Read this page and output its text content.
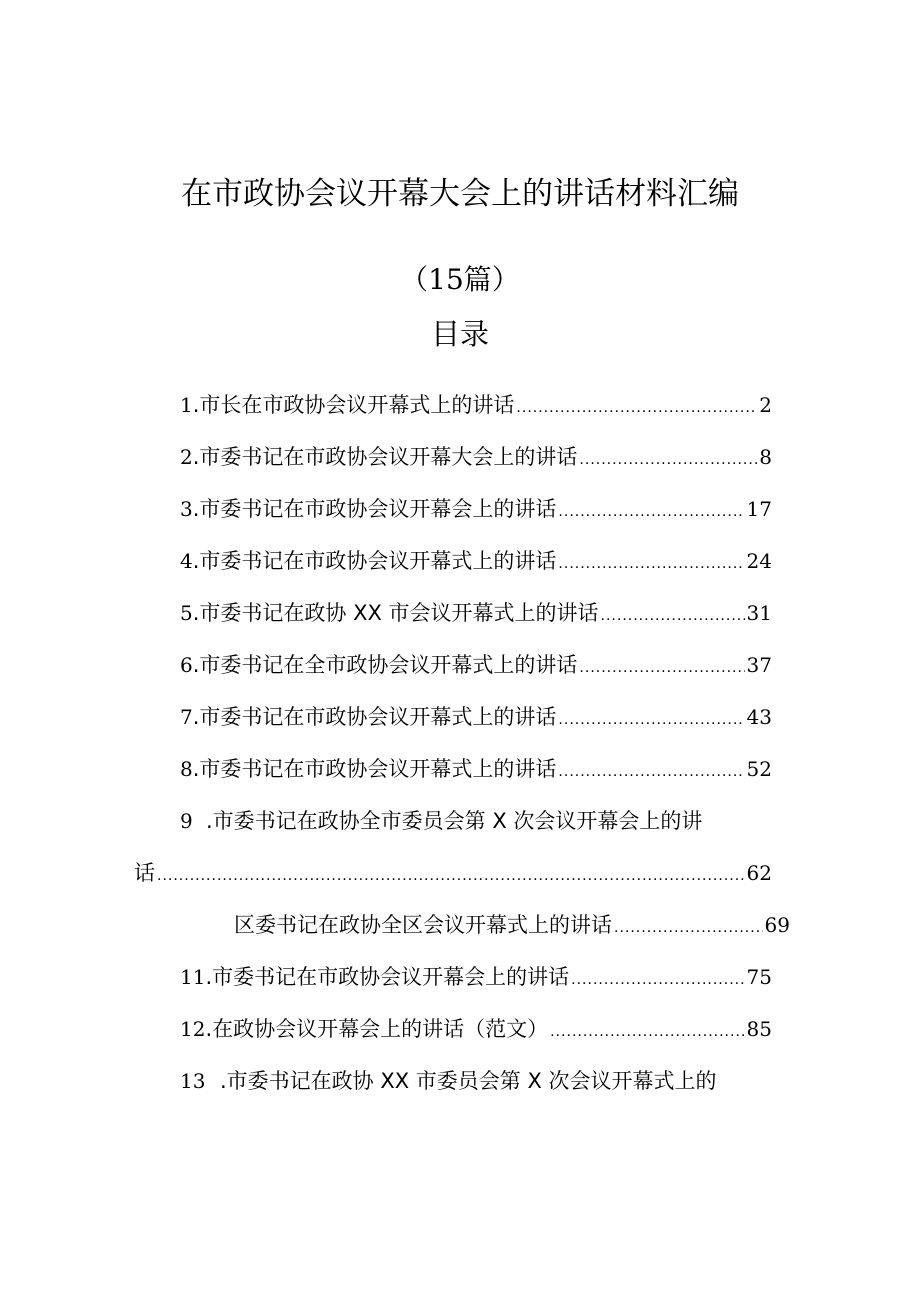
在市政协会议开幕大会上的讲话材料汇编
（15篇）
目录
1 .市长在市政协会议开幕式上的讲话 .....	2
2 .市委书记在市政协会议开幕大会上的讲话 .....	8
3 .市委书记在市政协会议开幕会上的讲话 .....	17
4 .市委书记在市政协会议开幕式上的讲话 .....	24
5 .市委书记在政协 XX 市会议开幕式上的讲话 .....	31
6 .市委书记在全市政协会议开幕式上的讲话 .....	37
7 .市委书记在市政协会议开幕式上的讲话 .....	43
8 .市委书记在市政协会议开幕式上的讲话 .....	52
9 .市委书记在政协全市委员会第 X 次会议开幕会上的讲
话 .....	62
区委书记在政协全区会议开幕式上的讲话 .....	69
11 .市委书记在市政协会议开幕会上的讲话 .....	75
12 .在政协会议开幕会上的讲话（范文） .....	85
13 .市委书记在政协 XX 市委员会第 X 次会议开幕式上的
